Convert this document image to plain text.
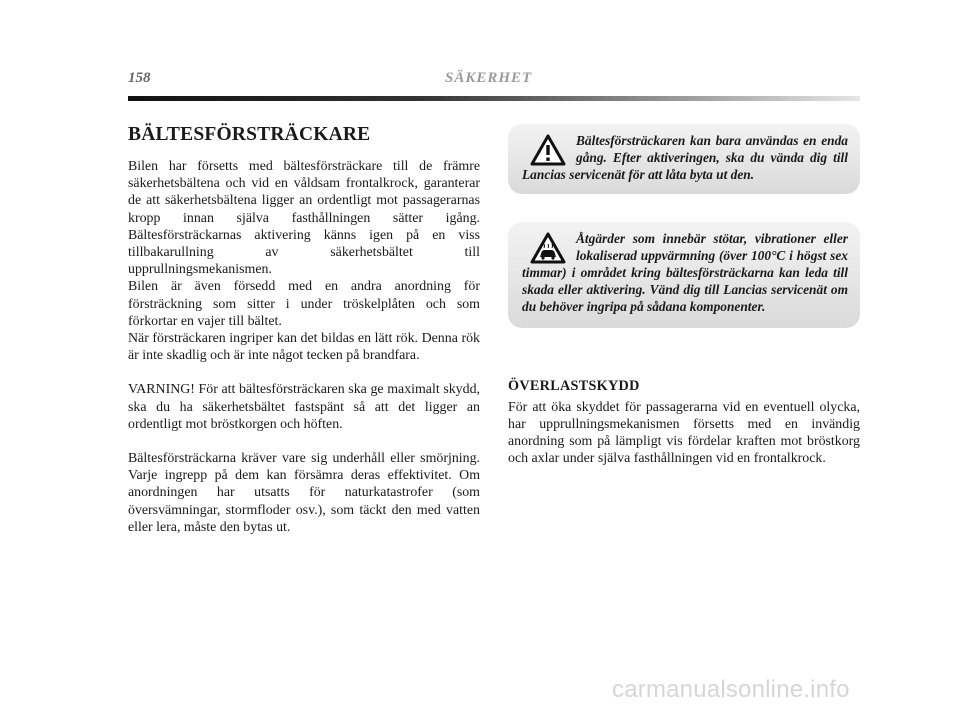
158	SÄKERHET
BÄLTESFÖRSTRÄCKARE

Bilen har försetts med bältesförsträckare till de främre säkerhetsbältena och vid en våldsam frontalkrock, garanterar de att säkerhetsbältena ligger an ordentligt mot passagerarnas kropp innan själva fasthållningen sätter igång. Bältesförsträckarnas aktivering känns igen på en viss tillbakarullning av säkerhetsbältet till upprullningsmekanismen.

Bilen är även försedd med en andra anordning för försträckning som sitter i under tröskelplåten och som förkortar en vajer till bältet.

När försträckaren ingriper kan det bildas en lätt rök. Denna rök är inte skadlig och är inte något tecken på brandfara.

VARNING! För att bältesförsträckaren ska ge maximalt skydd, ska du ha säkerhetsbältet fastspänt så att det ligger an ordentligt mot bröstkorgen och höften.

Bältesförsträckarna kräver vare sig underhåll eller smörjning. Varje ingrepp på dem kan försämra deras effektivitet. Om anordningen har utsatts för naturkatastrofer (som översvämningar, stormfloder osv.), som täckt den med vatten eller lera, måste den bytas ut.

Bältesförsträckaren kan bara användas en enda gång. Efter aktiveringen, ska du vända dig till Lancias servicenät för att låta byta ut den.

Åtgärder som innebär stötar, vibrationer eller lokaliserad uppvärmning (över 100°C i högst sex timmar) i området kring bältesförsträckarna kan leda till skada eller aktivering. Vänd dig till Lancias servicenät om du behöver ingripa på sådana komponenter.

ÖVERLASTSKYDD

För att öka skyddet för passagerarna vid en eventuell olycka, har upprullningsmekanismen försetts med en invändig anordning som på lämpligt vis fördelar kraften mot bröstkorg och axlar under själva fasthållningen vid en frontalkrock.

carmanualsonline.info
